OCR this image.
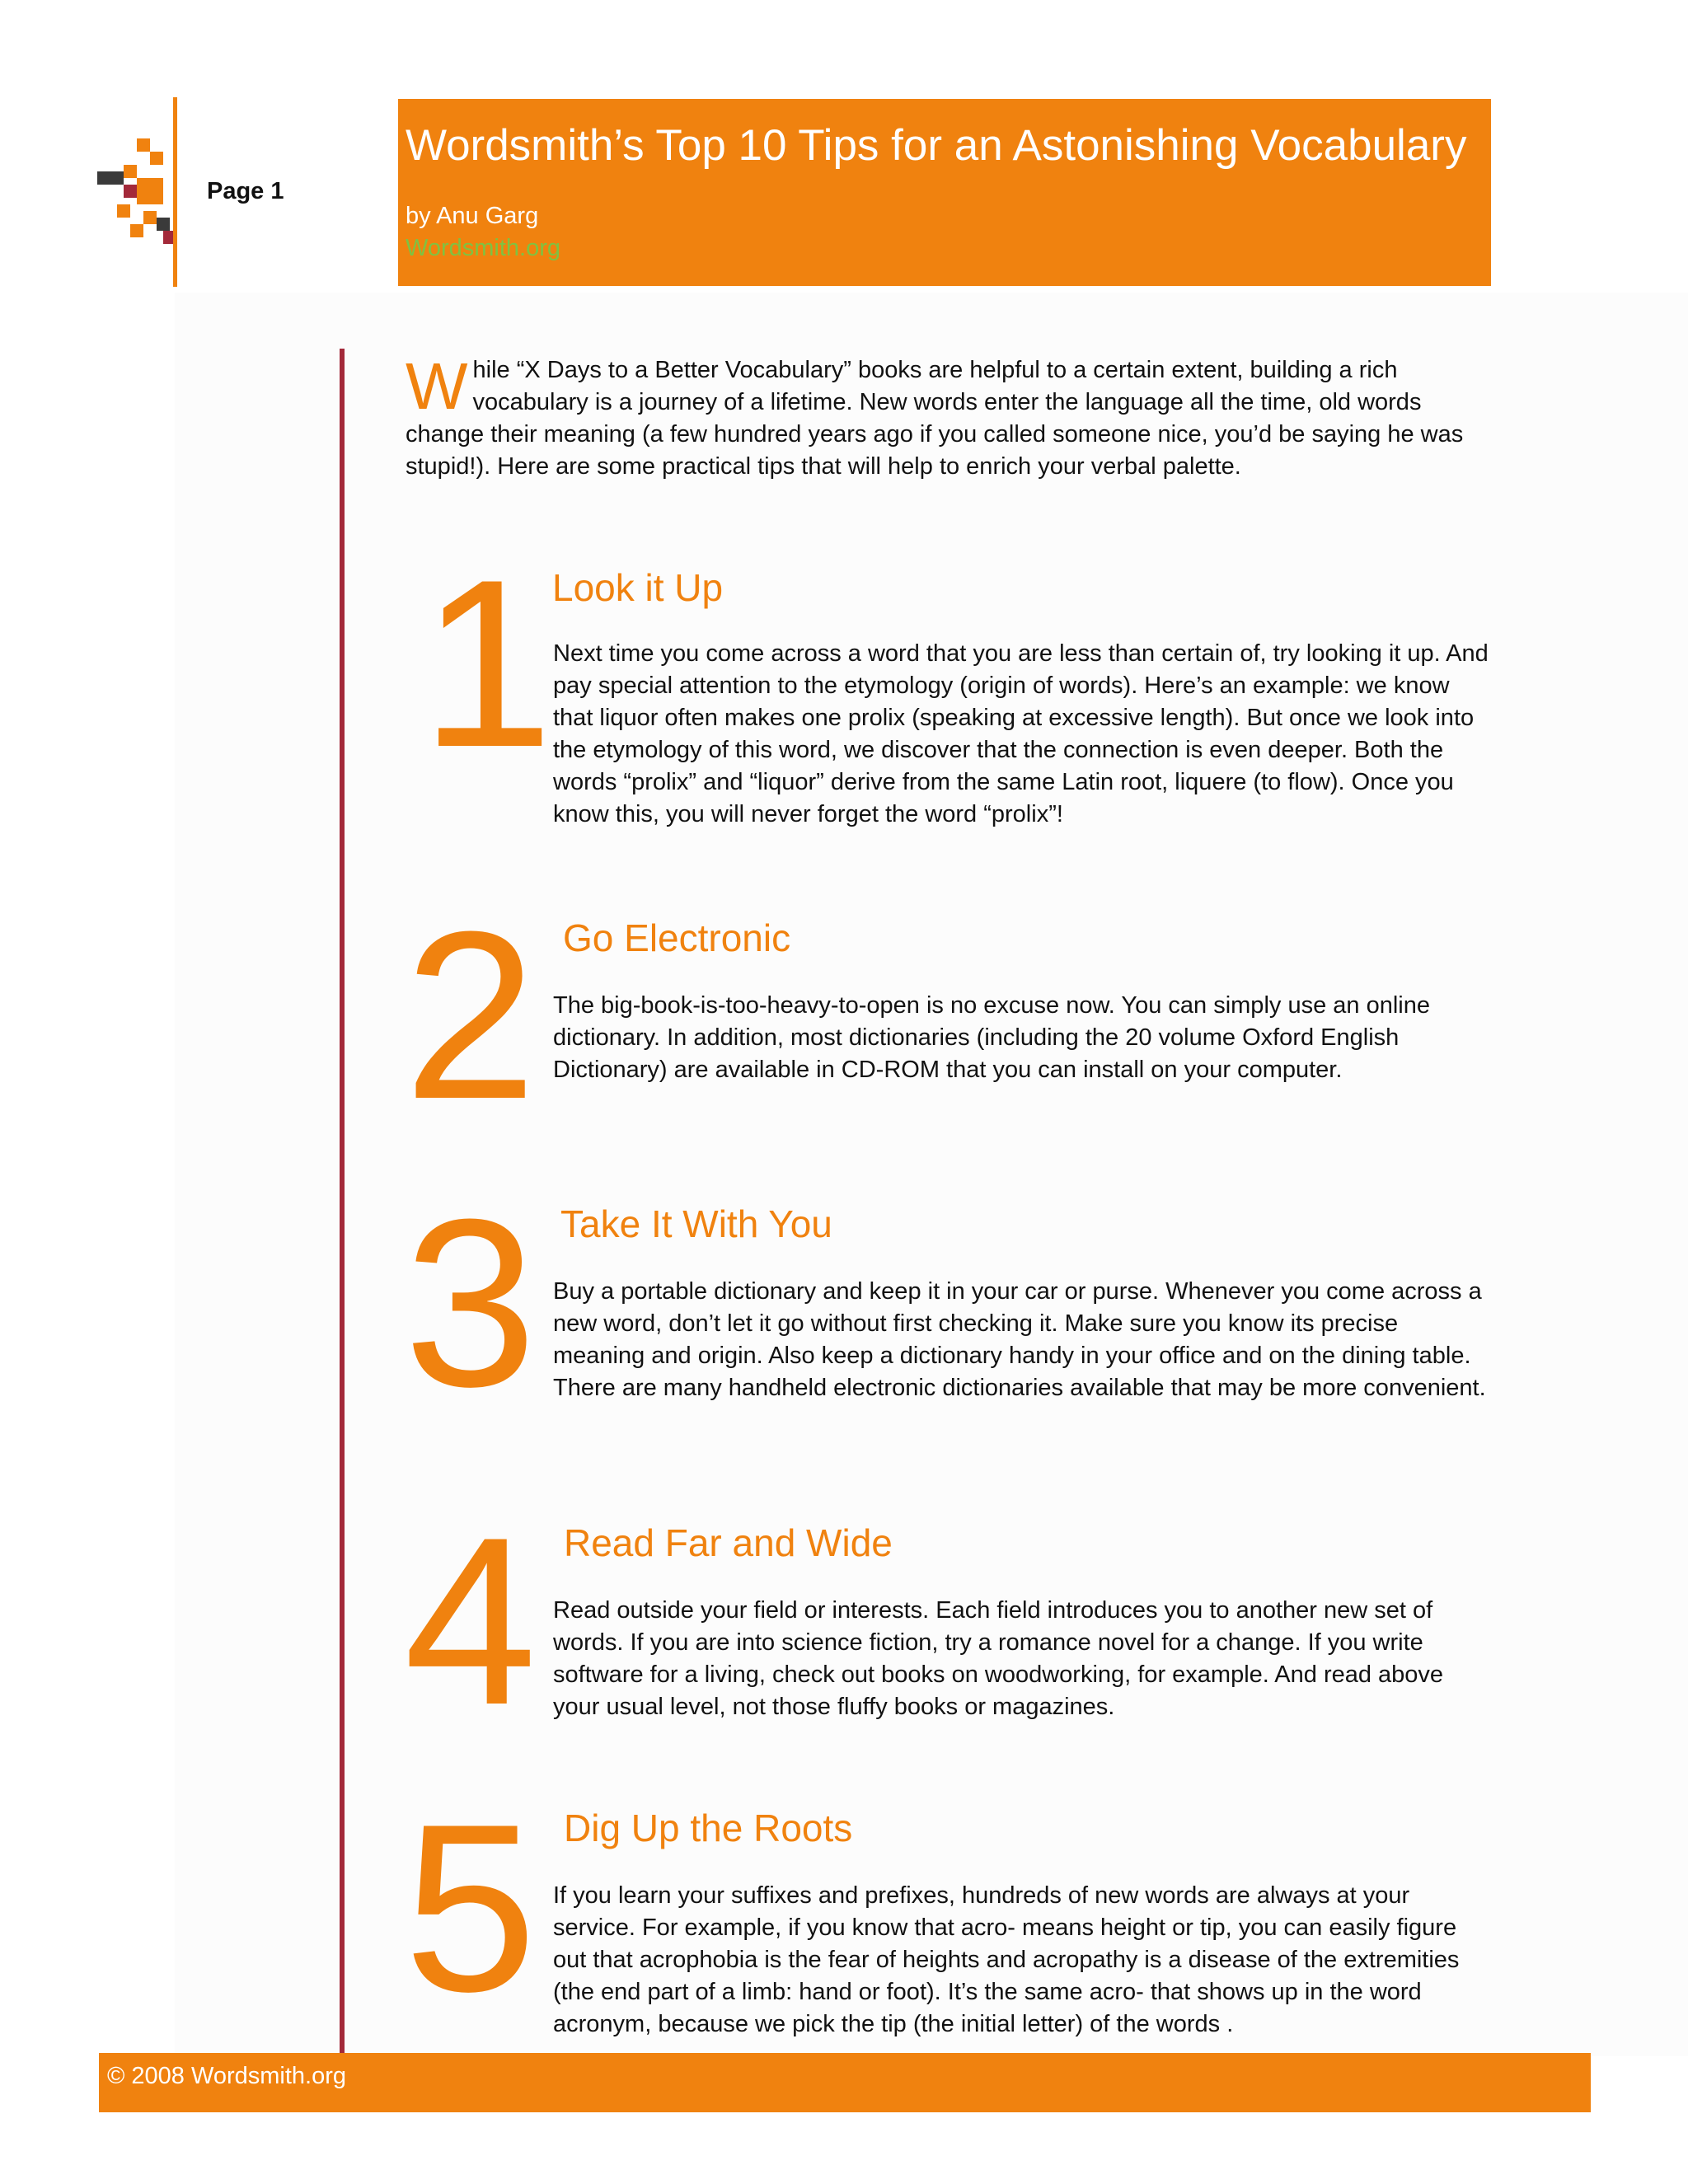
Page 1
Wordsmith’s Top 10 Tips for an Astonishing Vocabulary
by Anu Garg
Wordsmith.org
W hile “X Days to a Better Vocabulary” books are helpful to a certain extent, building a rich vocabulary is a journey of a lifetime. New words enter the language all the time, old words change their meaning (a few hundred years ago if you called someone nice, you’d be saying he was stupid!). Here are some practical tips that will help to enrich your verbal palette.
1
Look it Up
Next time you come across a word that you are less than certain of, try looking it up. And pay special attention to the etymology (origin of words). Here’s an example: we know that liquor often makes one prolix (speaking at excessive length). But once we look into the etymology of this word, we discover that the connection is even deeper. Both the words “prolix” and “liquor” derive from the same Latin root, liquere (to flow). Once you know this, you will never forget the word “prolix”!
2 Go Electronic
The big-book-is-too-heavy-to-open is no excuse now. You can simply use an online dictionary. In addition, most dictionaries (including the 20 volume Oxford English Dictionary) are available in CD-ROM that you can install on your computer.
3 Take It With You
Buy a portable dictionary and keep it in your car or purse. Whenever you come across a new word, don’t let it go without first checking it. Make sure you know its precise meaning and origin. Also keep a dictionary handy in your office and on the dining table. There are many handheld electronic dictionaries available that may be more convenient.
4 Read Far and Wide
Read outside your field or interests. Each field introduces you to another new set of words. If you are into science fiction, try a romance novel for a change. If you write software for a living, check out books on woodworking, for example. And read above your usual level, not those fluffy books or magazines.
5 Dig Up the Roots
If you learn your suffixes and prefixes, hundreds of new words are always at your service. For example, if you know that acro- means height or tip, you can easily figure out that acrophobia is the fear of heights and acropathy is a disease of the extremities (the end part of a limb: hand or foot). It’s the same acro- that shows up in the word acronym, because we pick the tip (the initial letter) of the words .
© 2008 Wordsmith.org
